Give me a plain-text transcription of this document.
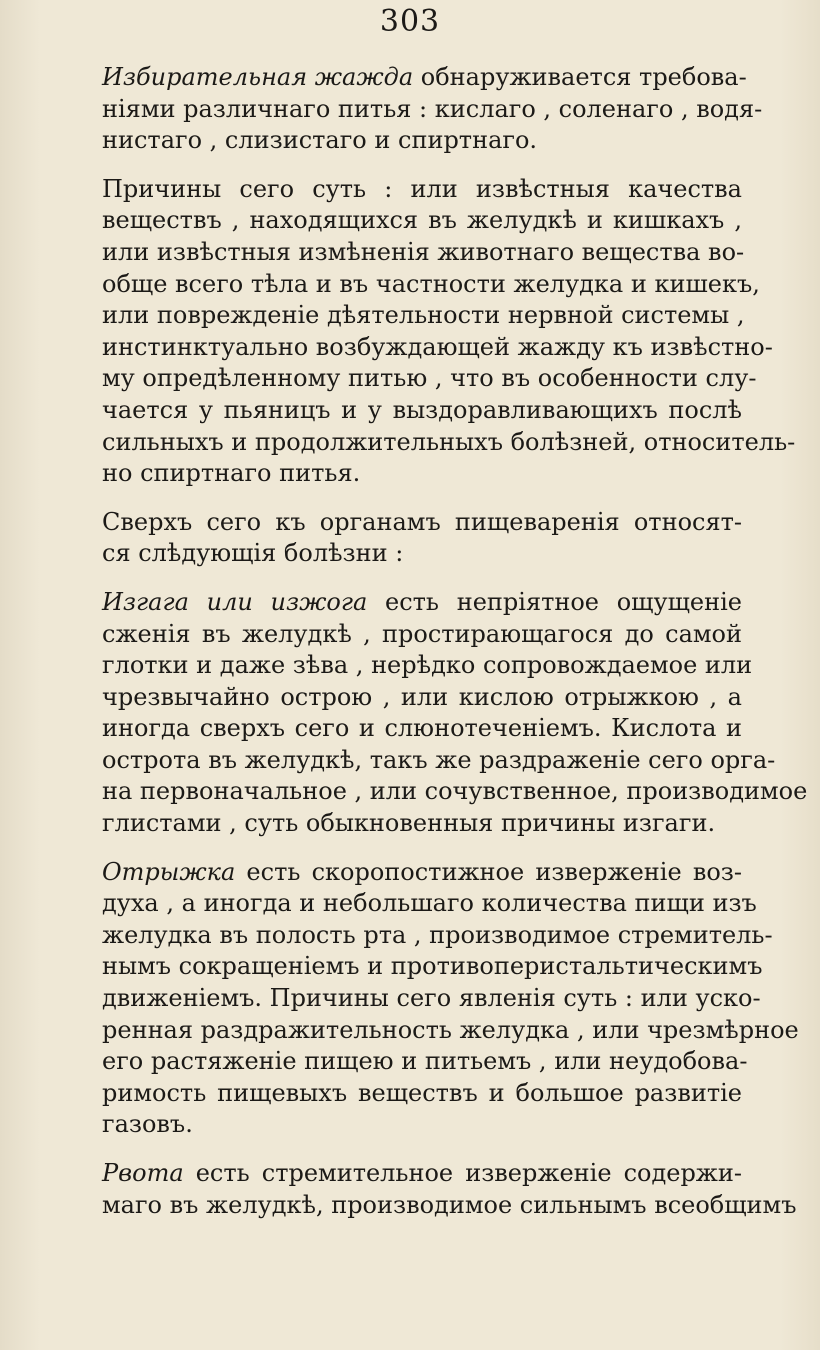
303
Избирательная жажда обнаруживается требова-
ніями различнаго питья : кислаго , соленаго , водя-
нистаго , слизистаго и спиртнаго.
Причины сего суть : или извѣстныя качества
веществъ , находящихся въ желудкѣ и кишкахъ ,
или извѣстныя измѣненія животнаго вещества во-
обще всего тѣла и въ частности желудка и кишекъ,
или поврежденіе дѣятельности нервной системы ,
инстинктуально возбуждающей жажду къ извѣстно-
му опредѣленному питью , что въ особенности слу-
чается у пьяницъ и у выздоравливающихъ послѣ
сильныхъ и продолжительныхъ болѣзней, относитель-
но спиртнаго питья.
Сверхъ сего къ органамъ пищеваренія относят-
ся слѣдующія болѣзни :
Изгага или изжога есть непріятное ощущеніе
сженія въ желудкѣ , простирающагося до самой
глотки и даже зѣва , нерѣдко сопровождаемое или
чрезвычайно острою , или кислою отрыжкою , а
иногда сверхъ сего и слюнотеченіемъ. Кислота и
острота въ желудкѣ, такъ же раздраженіе сего орга-
на первоначальное , или сочувственное, производимое
глистами , суть обыкновенныя причины изгаги.
Отрыжка есть скоропостижное изверженіе воз-
духа , а иногда и небольшаго количества пищи изъ
желудка въ полость рта , производимое стремитель-
нымъ сокращеніемъ и противоперистальтическимъ
движеніемъ. Причины сего явленія суть : или уско-
ренная раздражительность желудка , или чрезмѣрное
его растяженіе пищею и питьемъ , или неудобова-
римость пищевыхъ веществъ и большое развитіе
газовъ.
Рвота есть стремительное изверженіе содержи-
маго въ желудкѣ, производимое сильнымъ всеобщимъ
